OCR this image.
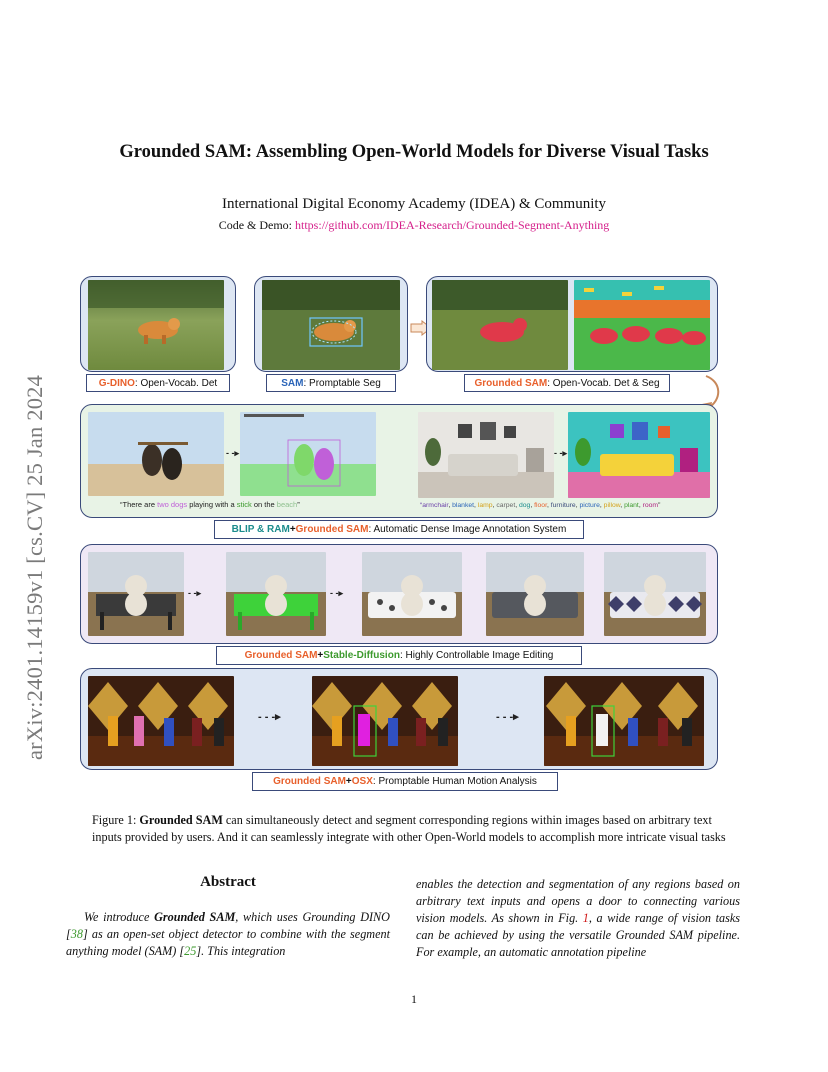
arXiv:2401.14159v1 [cs.CV] 25 Jan 2024
Grounded SAM: Assembling Open-World Models for Diverse Visual Tasks
International Digital Economy Academy (IDEA) & Community
Code & Demo: https://github.com/IDEA-Research/Grounded-Segment-Anything
G-DINO : Open-Vocab. Det	SAM : Promptable Seg	Grounded SAM : Open-Vocab. Det & Seg
- -▸	- -▸
“There are two dogs playing with a stick on the beach”	“armchair, blanket, lamp, carpet, dog, floor, furniture, picture, pillow, plant, room”
BLIP & RAM + Grounded SAM : Automatic Dense Image Annotation System
- -▸	- -▸
Grounded SAM + Stable-Diffusion : Highly Controllable Image Editing
- - -▸	- - -▸
Grounded SAM + OSX : Promptable Human Motion Analysis
Figure 1: Grounded SAM can simultaneously detect and segment corresponding regions within images based on arbitrary text inputs provided by users. And it can seamlessly integrate with other Open-World models to accomplish more intricate visual tasks
Abstract

We introduce Grounded SAM, which uses Grounding DINO [38] as an open-set object detector to combine with the segment anything model (SAM) [25]. This integration

enables the detection and segmentation of any regions based on arbitrary text inputs and opens a door to connecting various vision models. As shown in Fig. 1, a wide range of vision tasks can be achieved by using the versatile Grounded SAM pipeline. For example, an automatic annotation pipeline

1
